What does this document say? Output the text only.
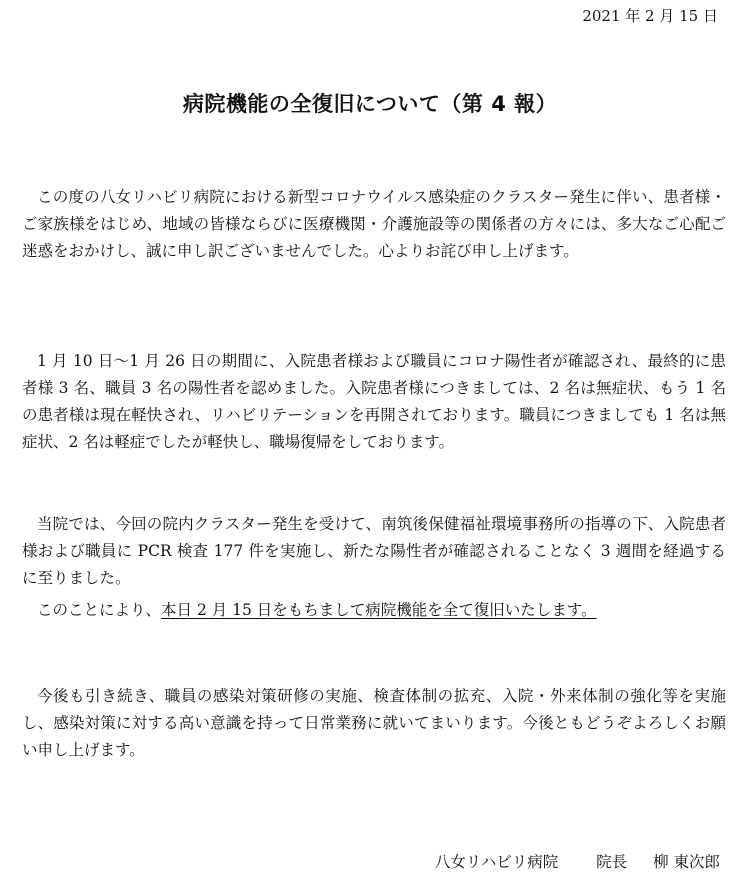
2021 年 2 月 15 日
病院機能の全復旧について（第 4 報）
この度の八女リハビリ病院における新型コロナウイルス感染症のクラスター発生に伴い、患者様・ご家族様をはじめ、地域の皆様ならびに医療機関・介護施設等の関係者の方々には、多大なご心配ご迷惑をおかけし、誠に申し訳ございませんでした。心よりお詫び申し上げます。
1 月 10 日～1 月 26 日の期間に、入院患者様および職員にコロナ陽性者が確認され、最終的に患者様 3 名、職員 3 名の陽性者を認めました。入院患者様につきましては、2 名は無症状、もう 1 名の患者様は現在軽快され、リハビリテーションを再開されております。職員につきましても 1 名は無症状、2 名は軽症でしたが軽快し、職場復帰をしております。
当院では、今回の院内クラスター発生を受けて、南筑後保健福祉環境事務所の指導の下、入院患者様および職員に PCR 検査 177 件を実施し、新たな陽性者が確認されることなく 3 週間を経過するに至りました。
このことにより、本日 2 月 15 日をもちまして病院機能を全て復旧いたします。
今後も引き続き、職員の感染対策研修の実施、検査体制の拡充、入院・外来体制の強化等を実施し、感染対策に対する高い意識を持って日常業務に就いてまいります。今後ともどうぞよろしくお願い申し上げます。
八女リハビリ病院 院長 柳 東次郎
